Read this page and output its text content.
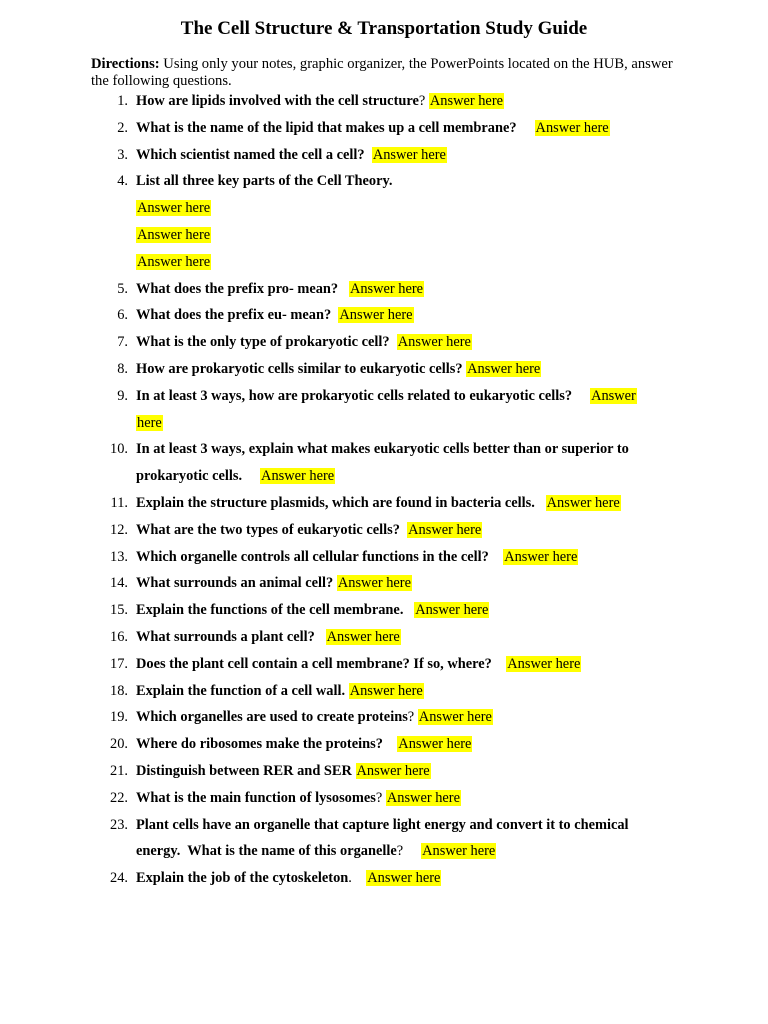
The Cell Structure & Transportation Study Guide
Directions: Using only your notes, graphic organizer, the PowerPoints located on the HUB, answer the following questions.
1. How are lipids involved with the cell structure? Answer here
2. What is the name of the lipid that makes up a cell membrane? Answer here
3. Which scientist named the cell a cell? Answer here
4. List all three key parts of the Cell Theory.
Answer here
Answer here
Answer here
5. What does the prefix pro- mean? Answer here
6. What does the prefix eu- mean? Answer here
7. What is the only type of prokaryotic cell? Answer here
8. How are prokaryotic cells similar to eukaryotic cells? Answer here
9. In at least 3 ways, how are prokaryotic cells related to eukaryotic cells? Answer
here
10. In at least 3 ways, explain what makes eukaryotic cells better than or superior to
prokaryotic cells. Answer here
11. Explain the structure plasmids, which are found in bacteria cells. Answer here
12. What are the two types of eukaryotic cells? Answer here
13. Which organelle controls all cellular functions in the cell? Answer here
14. What surrounds an animal cell? Answer here
15. Explain the functions of the cell membrane. Answer here
16. What surrounds a plant cell? Answer here
17. Does the plant cell contain a cell membrane? If so, where? Answer here
18. Explain the function of a cell wall. Answer here
19. Which organelles are used to create proteins? Answer here
20. Where do ribosomes make the proteins? Answer here
21. Distinguish between RER and SER Answer here
22. What is the main function of lysosomes? Answer here
23. Plant cells have an organelle that capture light energy and convert it to chemical
energy.  What is the name of this organelle?     Answer here
24. Explain the job of the cytoskeleton.    Answer here
